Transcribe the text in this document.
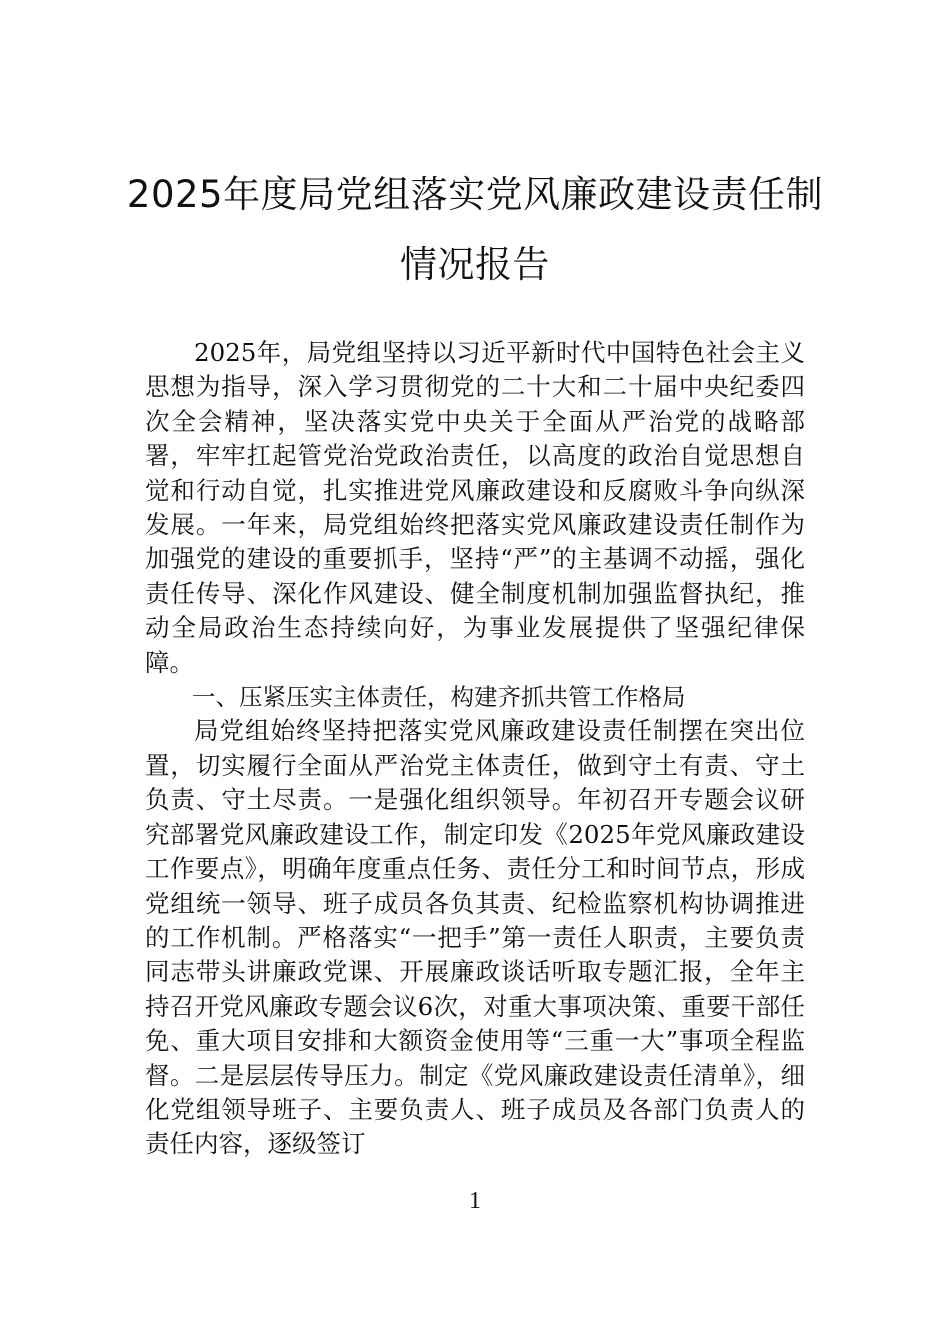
2025年度局党组落实党风廉政建设责任制
情况报告

2025年，局党组坚持以习近平新时代中国特色社会主义思想为指导，深入学习贯彻党的二十大和二十届中央纪委四次全会精神，坚决落实党中央关于全面从严治党的战略部署，牢牢扛起管党治党政治责任，以高度的政治自觉思想自觉和行动自觉，扎实推进党风廉政建设和反腐败斗争向纵深发展。一年来，局党组始终把落实党风廉政建设责任制作为加强党的建设的重要抓手，坚持“严”的主基调不动摇，强化责任传导、深化作风建设、健全制度机制加强监督执纪，推动全局政治生态持续向好，为事业发展提供了坚强纪律保障。

一、压紧压实主体责任，构建齐抓共管工作格局

局党组始终坚持把落实党风廉政建设责任制摆在突出位置，切实履行全面从严治党主体责任，做到守土有责、守土负责、守土尽责。一是强化组织领导。年初召开专题会议研究部署党风廉政建设工作，制定印发《2025年党风廉政建设工作要点》，明确年度重点任务、责任分工和时间节点，形成党组统一领导、班子成员各负其责、纪检监察机构协调推进的工作机制。严格落实“一把手”第一责任人职责，主要负责同志带头讲廉政党课、开展廉政谈话听取专题汇报，全年主持召开党风廉政专题会议6次，对重大事项决策、重要干部任免、重大项目安排和大额资金使用等“三重一大”事项全程监督。二是层层传导压力。制定《党风廉政建设责任清单》，细化党组领导班子、主要负责人、班子成员及各部门负责人的责任内容，逐级签订

1
